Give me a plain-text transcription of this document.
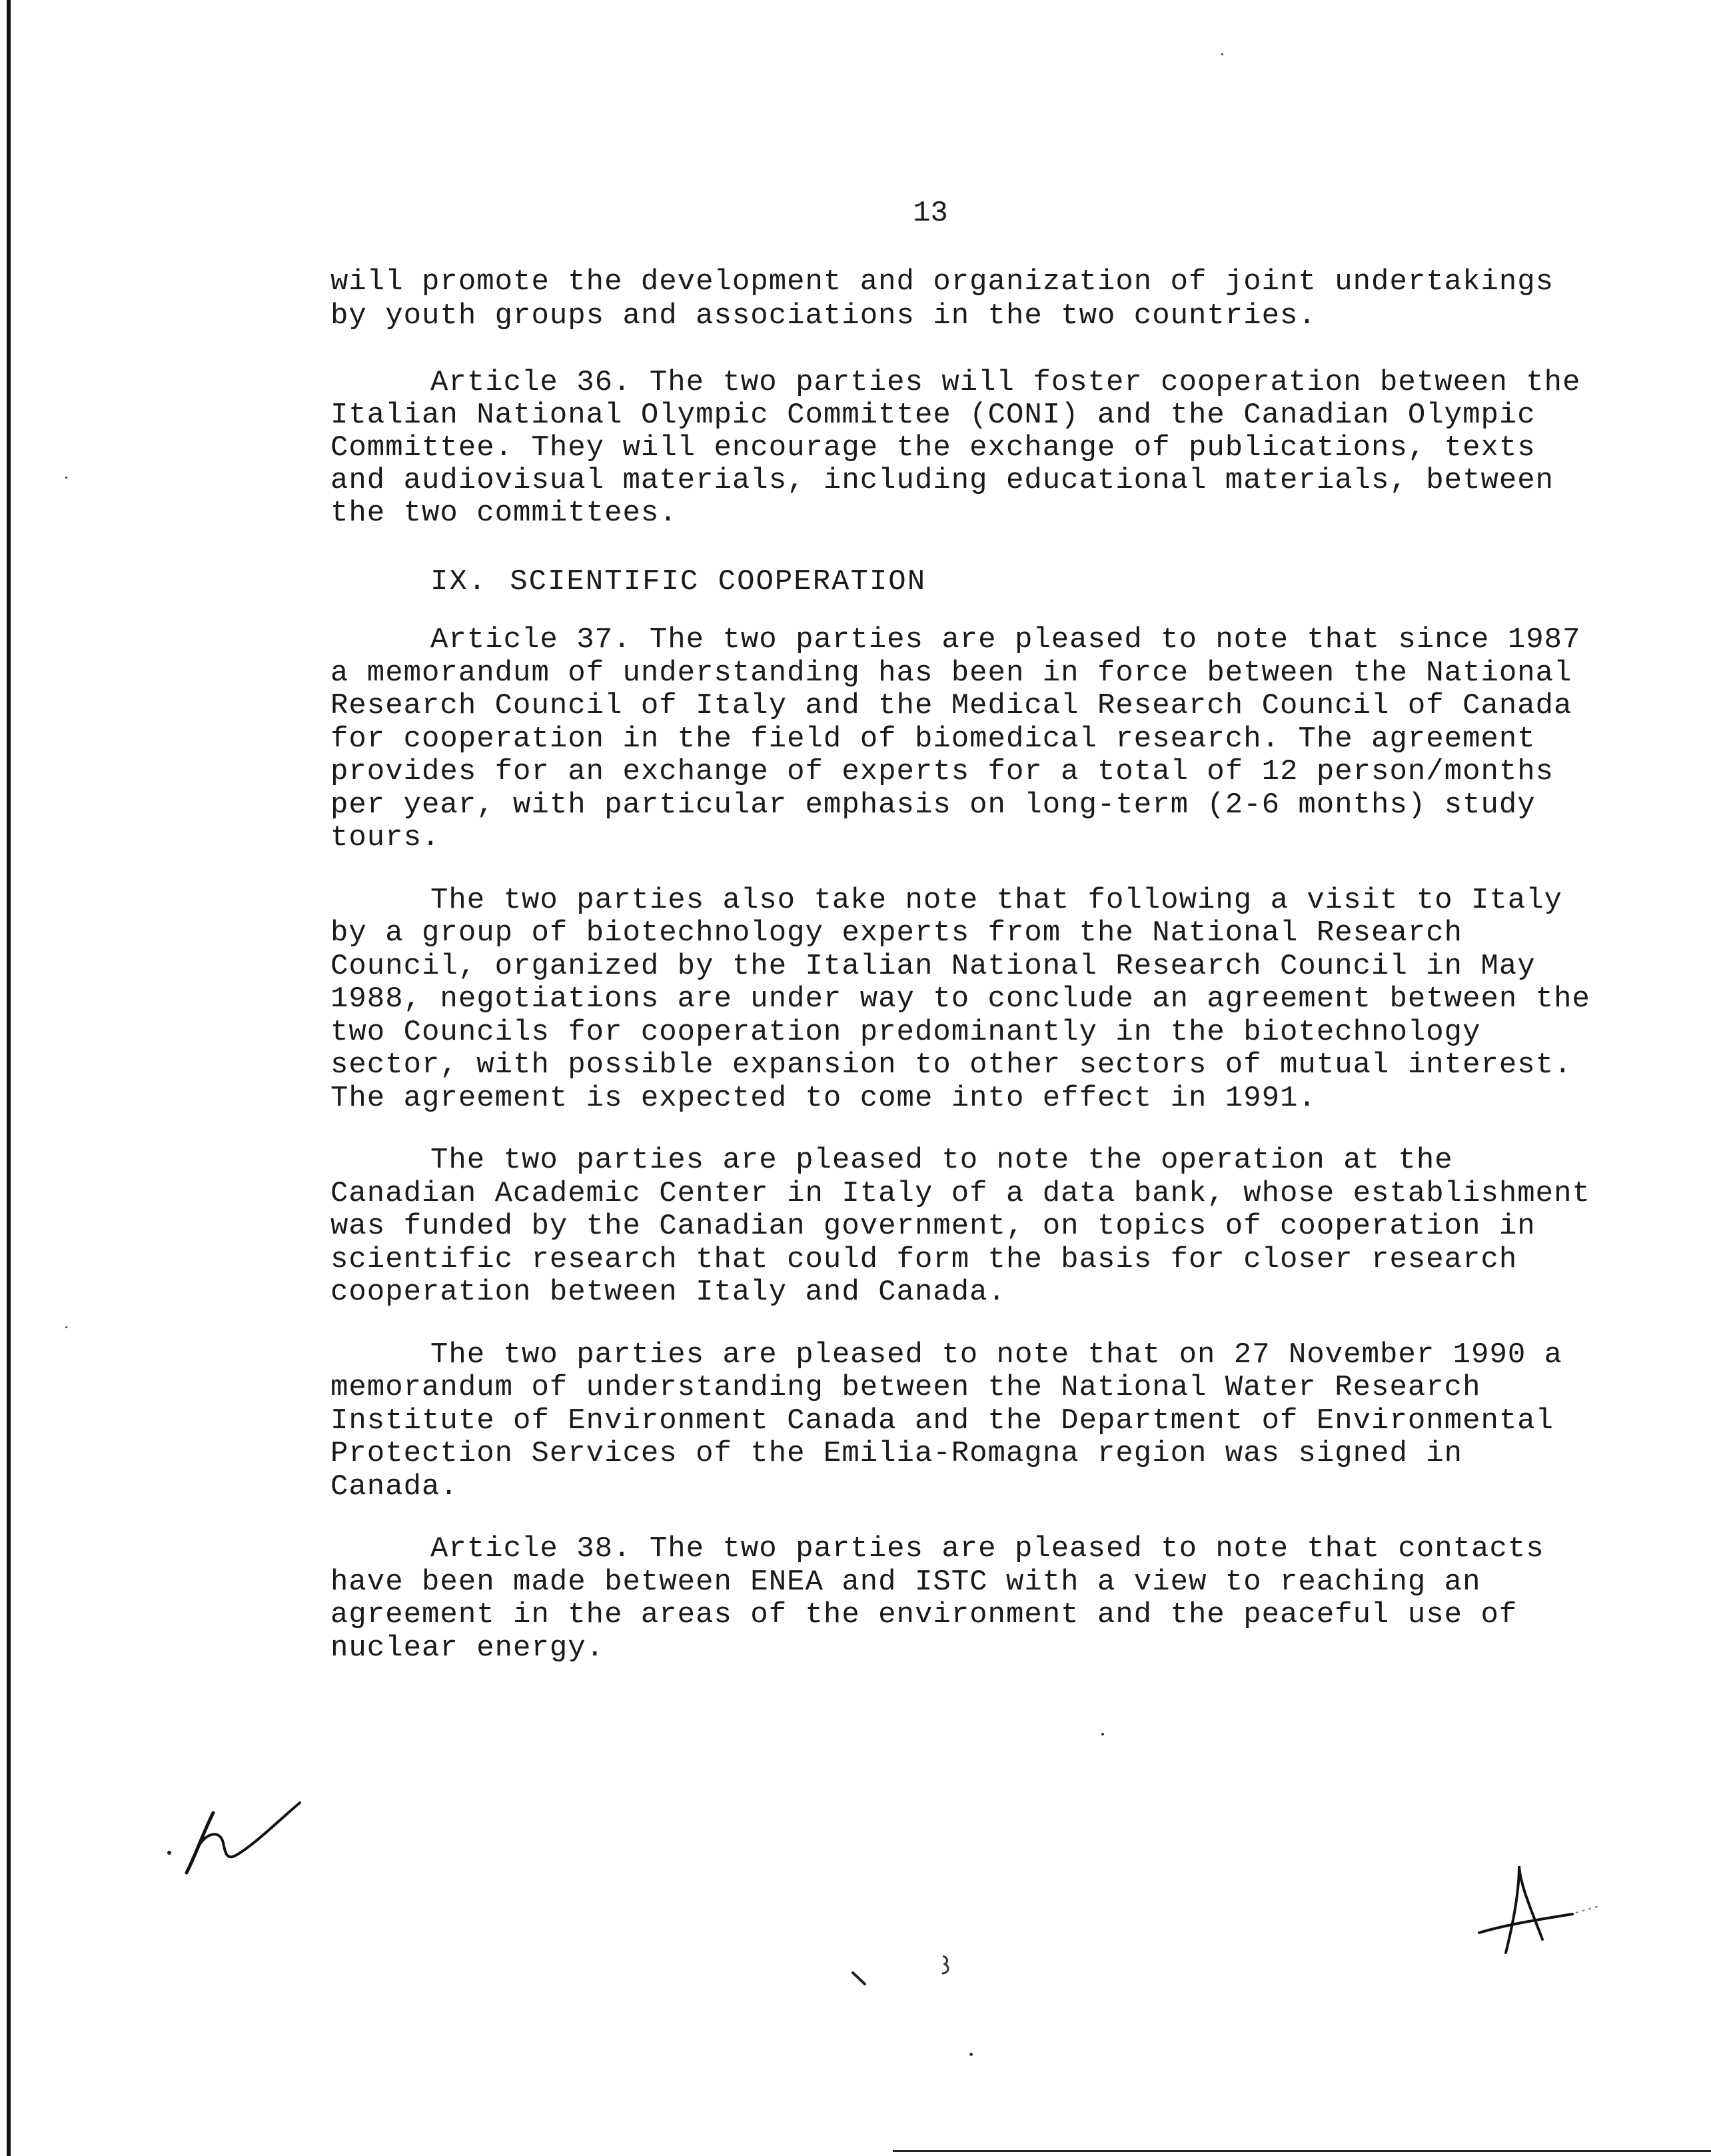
13

will promote the development and organization of joint undertakings by youth groups and associations in the two countries.

Article 36. The two parties will foster cooperation between the Italian National Olympic Committee (CONI) and the Canadian Olympic Committee. They will encourage the exchange of publications, texts and audiovisual materials, including educational materials, between the two committees.

IX. SCIENTIFIC COOPERATION

Article 37. The two parties are pleased to note that since 1987 a memorandum of understanding has been in force between the National Research Council of Italy and the Medical Research Council of Canada for cooperation in the field of biomedical research. The agreement provides for an exchange of experts for a total of 12 person/months per year, with particular emphasis on long-term (2-6 months) study tours.

The two parties also take note that following a visit to Italy by a group of biotechnology experts from the National Research Council, organized by the Italian National Research Council in May 1988, negotiations are under way to conclude an agreement between the two Councils for cooperation predominantly in the biotechnology sector, with possible expansion to other sectors of mutual interest. The agreement is expected to come into effect in 1991.

The two parties are pleased to note the operation at the Canadian Academic Center in Italy of a data bank, whose establishment was funded by the Canadian government, on topics of cooperation in scientific research that could form the basis for closer research cooperation between Italy and Canada.

The two parties are pleased to note that on 27 November 1990 a memorandum of understanding between the National Water Research Institute of Environment Canada and the Department of Environmental Protection Services of the Emilia-Romagna region was signed in Canada.

Article 38. The two parties are pleased to note that contacts have been made between ENEA and ISTC with a view to reaching an agreement in the areas of the environment and the peaceful use of nuclear energy.
